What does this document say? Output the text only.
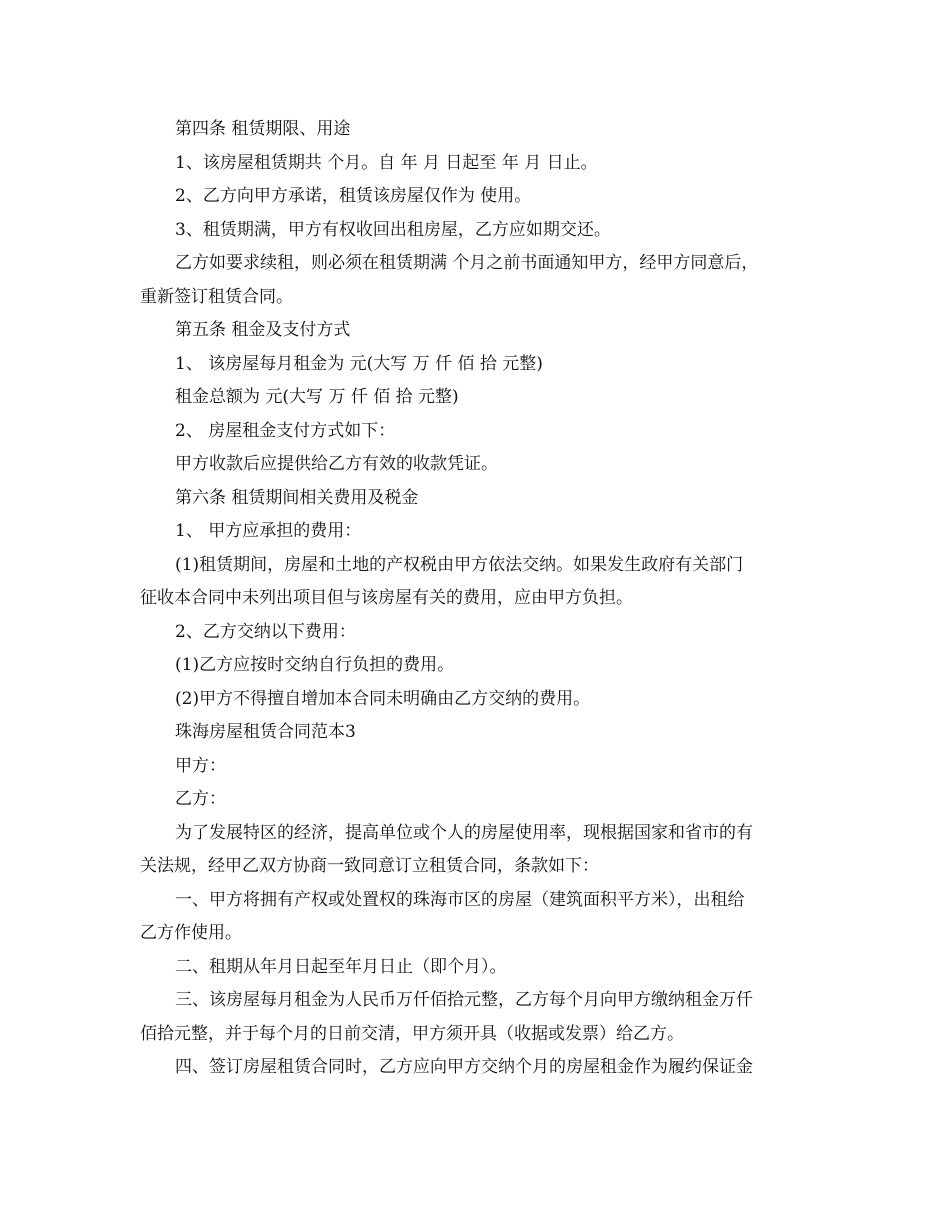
第四条 租赁期限、用途

1、该房屋租赁期共 个月。自 年 月 日起至 年 月 日止。

2、乙方向甲方承诺，租赁该房屋仅作为 使用。

3、租赁期满，甲方有权收回出租房屋，乙方应如期交还。

乙方如要求续租，则必须在租赁期满 个月之前书面通知甲方，经甲方同意后，

重新签订租赁合同。

第五条 租金及支付方式

1、 该房屋每月租金为 元(大写 万 仟 佰 拾 元整)

租金总额为 元(大写 万 仟 佰 拾 元整)

2、 房屋租金支付方式如下：

甲方收款后应提供给乙方有效的收款凭证。

第六条 租赁期间相关费用及税金

1、 甲方应承担的费用：

(1)租赁期间，房屋和土地的产权税由甲方依法交纳。如果发生政府有关部门

征收本合同中未列出项目但与该房屋有关的费用，应由甲方负担。

2、乙方交纳以下费用：

(1)乙方应按时交纳自行负担的费用。

(2)甲方不得擅自增加本合同未明确由乙方交纳的费用。

珠海房屋租赁合同范本3

甲方：

乙方：

为了发展特区的经济，提高单位或个人的房屋使用率，现根据国家和省市的有

关法规，经甲乙双方协商一致同意订立租赁合同，条款如下：

一、甲方将拥有产权或处置权的珠海市区的房屋（建筑面积平方米），出租给

乙方作使用。

二、租期从年月日起至年月日止（即个月）。

三、该房屋每月租金为人民币万仟佰拾元整，乙方每个月向甲方缴纳租金万仟

佰拾元整，并于每个月的日前交清，甲方须开具（收据或发票）给乙方。

四、签订房屋租赁合同时，乙方应向甲方交纳个月的房屋租金作为履约保证金
